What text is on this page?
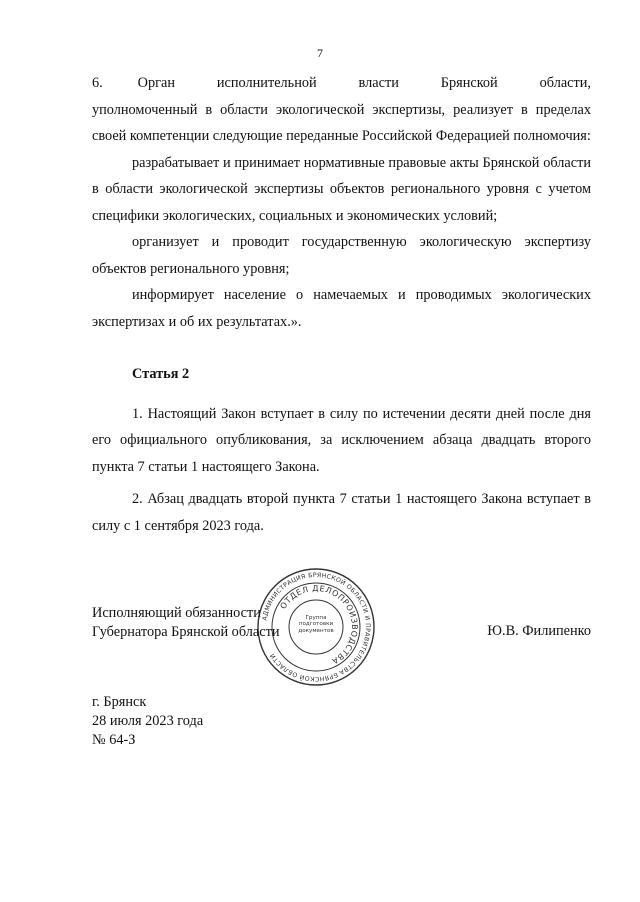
7

6.     Орган      исполнительной      власти      Брянской      области,

уполномоченный в области экологической экспертизы, реализует в пределах своей компетенции следующие переданные Российской Федерацией полномочия:

разрабатывает и принимает нормативные правовые акты Брянской области в области экологической экспертизы объектов регионального уровня с учетом специфики экологических, социальных и экономических условий;

организует и проводит государственную экологическую экспертизу объектов регионального уровня;

информирует население о намечаемых и проводимых экологических экспертизах и об их результатах.».

Статья 2

1. Настоящий Закон вступает в силу по истечении десяти дней после дня его официального опубликования, за исключением абзаца двадцать второго пункта 7 статьи 1 настоящего Закона.

2. Абзац двадцать второй пункта 7 статьи 1 настоящего Закона вступает в силу с 1 сентября 2023 года.

АДМИНИСТРАЦИЯ БРЯНСКОЙ ОБЛАСТИ И ПРАВИТЕЛЬСТВА БРЯНСКОЙ ОБЛАСТИ
ОТДЕЛ ДЕЛОПРОИЗВОДСТВА
Группа подготовки документов
Исполняющий обязанности
Губернатора Брянской области	Ю.В. Филипенко
г. Брянск
28 июля 2023 года
№ 64-З
